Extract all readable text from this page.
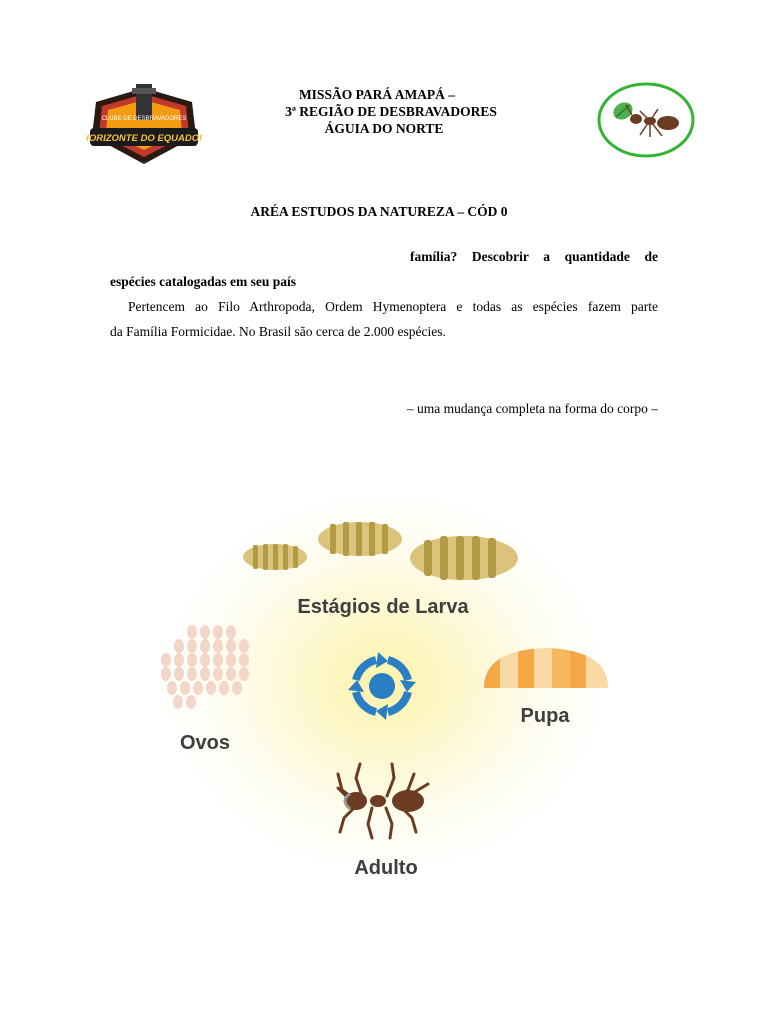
CLUBE DE DESBRAVADORES
HORIZONTE DO EQUADOR
MISSÃO PARÁ AMAPÁ –
3ª REGIÃO DE DESBRAVADORES
ÁGUIA DO NORTE
ARÉA ESTUDOS DA NATUREZA – CÓD 0
família? Descobrir a quantidade de
espécies catalogadas em seu país
Pertencem ao Filo Arthropoda, Ordem Hymenoptera e todas as espécies fazem parte
da Família Formicidae. No Brasil são cerca de 2.000 espécies.
– uma mudança completa na forma do corpo –
Estágios de Larva
Ovos
Pupa
Adulto
